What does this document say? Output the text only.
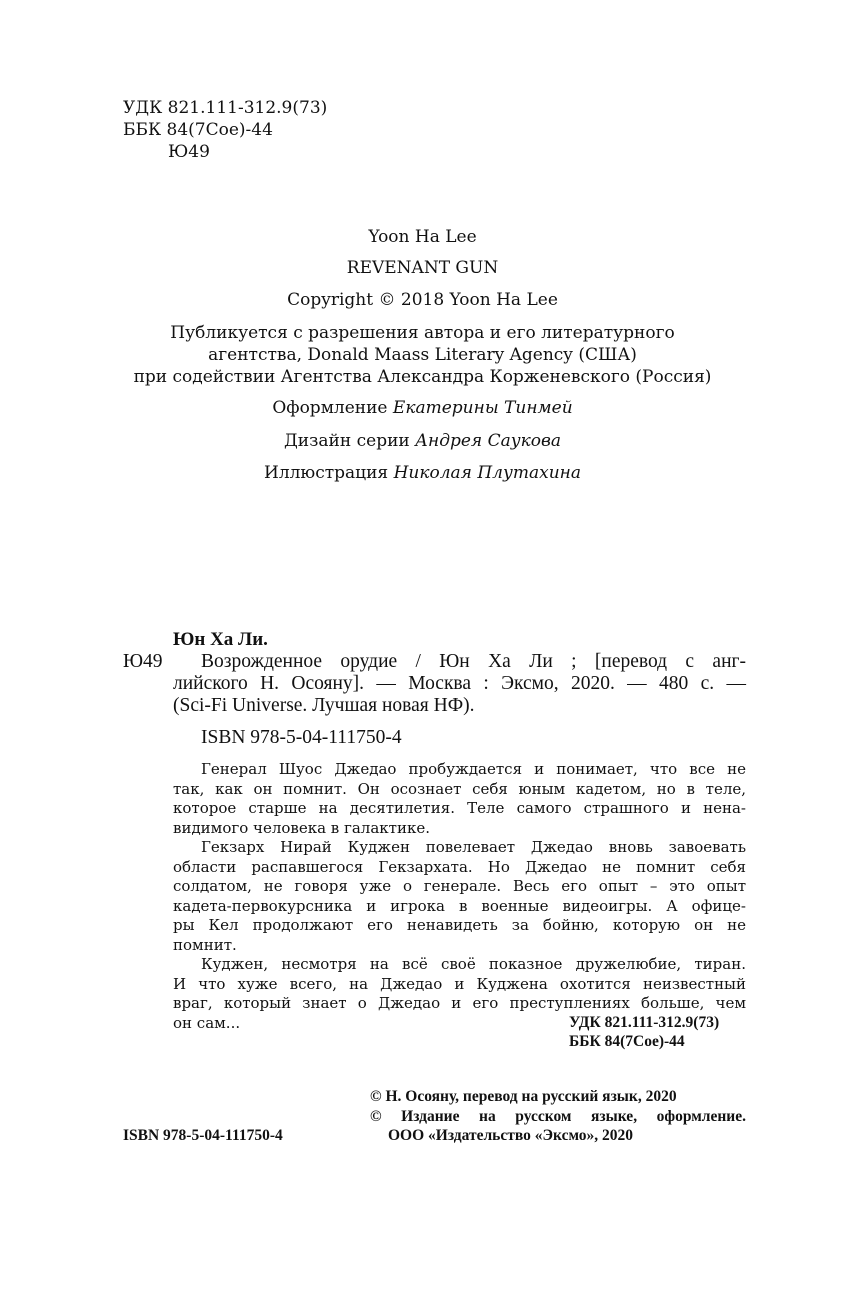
УДК 821.111-312.9(73)
ББК 84(7Сое)-44
Ю49
Yoon Ha Lee
REVENANT GUN
Copyright © 2018 Yoon Ha Lee
Публикуется с разрешения автора и его литературного
агентства, Donald Maass Literary Agency (США)
при содействии Агентства Александра Корженевского (Россия)
Оформление Екатерины Тинмей
Дизайн серии Андрея Саукова
Иллюстрация Николая Плутахина
Юн Ха Ли.
Ю49 Возрожденное орудие / Юн Ха Ли ; [перевод с анг-
лийского Н. Осояну]. — Москва : Эксмо, 2020. — 480 с. —
(Sci-Fi Universe. Лучшая новая НФ).
ISBN 978-5-04-111750-4
Генерал Шуос Джедао пробуждается и понимает, что все не
так, как он помнит. Он осознает себя юным кадетом, но в теле,
которое старше на десятилетия. Теле самого страшного и нена-
видимого человека в галактике.
Гекзарх Нирай Куджен повелевает Джедао вновь завоевать
области распавшегося Гекзархата. Но Джедао не помнит себя
солдатом, не говоря уже о генерале. Весь его опыт – это опыт
кадета-первокурсника и игрока в военные видеоигры. А офице-
ры Кел продолжают его ненавидеть за бойню, которую он не
помнит.
Куджен, несмотря на всё своё показное дружелюбие, тиран.
И что хуже всего, на Джедао и Куджена охотится неизвестный
враг, который знает о Джедао и его преступлениях больше, чем
он сам...	УДК 821.111-312.9(73)
ББК 84(7Сое)-44
© Н. Осояну, перевод на русский язык, 2020
© Издание на русском языке, оформление.
ООО «Издательство «Эксмо», 2020
ISBN 978-5-04-111750-4
